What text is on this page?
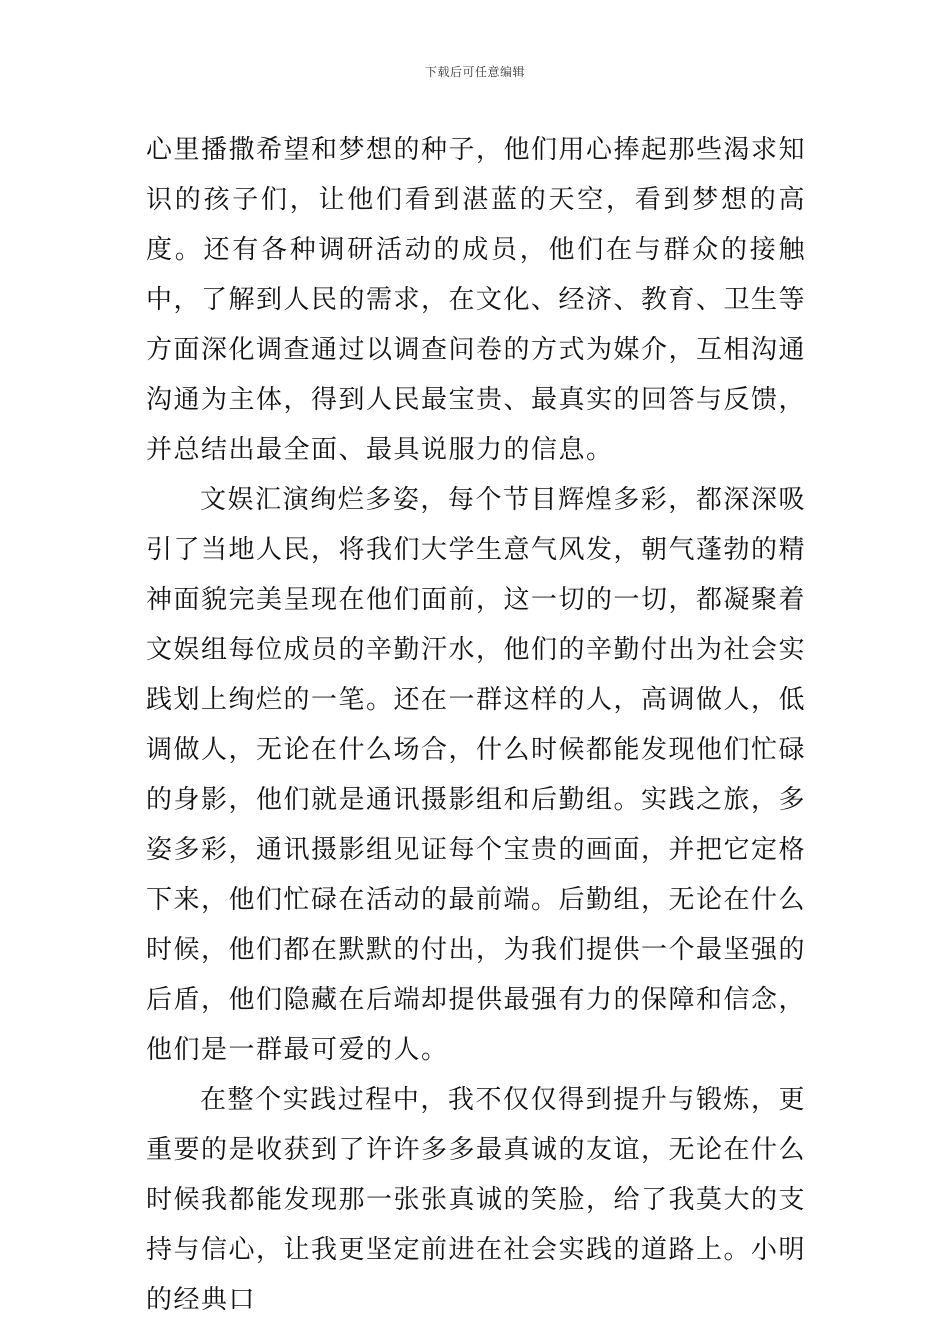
下载后可任意编辑

心里播撒希望和梦想的种子，他们用心捧起那些渴求知识的孩子们，让他们看到湛蓝的天空，看到梦想的高度。还有各种调研活动的成员，他们在与群众的接触中，了解到人民的需求，在文化、经济、教育、卫生等方面深化调查通过以调查问卷的方式为媒介，互相沟通沟通为主体，得到人民最宝贵、最真实的回答与反馈，并总结出最全面、最具说服力的信息。

文娱汇演绚烂多姿，每个节目辉煌多彩，都深深吸引了当地人民，将我们大学生意气风发，朝气蓬勃的精神面貌完美呈现在他们面前，这一切的一切，都凝聚着文娱组每位成员的辛勤汗水，他们的辛勤付出为社会实践划上绚烂的一笔。还在一群这样的人，高调做人，低调做人，无论在什么场合，什么时候都能发现他们忙碌的身影，他们就是通讯摄影组和后勤组。实践之旅，多姿多彩，通讯摄影组见证每个宝贵的画面，并把它定格下来，他们忙碌在活动的最前端。后勤组，无论在什么时候，他们都在默默的付出，为我们提供一个最坚强的后盾，他们隐藏在后端却提供最强有力的保障和信念，他们是一群最可爱的人。

在整个实践过程中，我不仅仅得到提升与锻炼，更重要的是收获到了许许多多最真诚的友谊，无论在什么时候我都能发现那一张张真诚的笑脸，给了我莫大的支持与信心，让我更坚定前进在社会实践的道路上。小明的经典口
